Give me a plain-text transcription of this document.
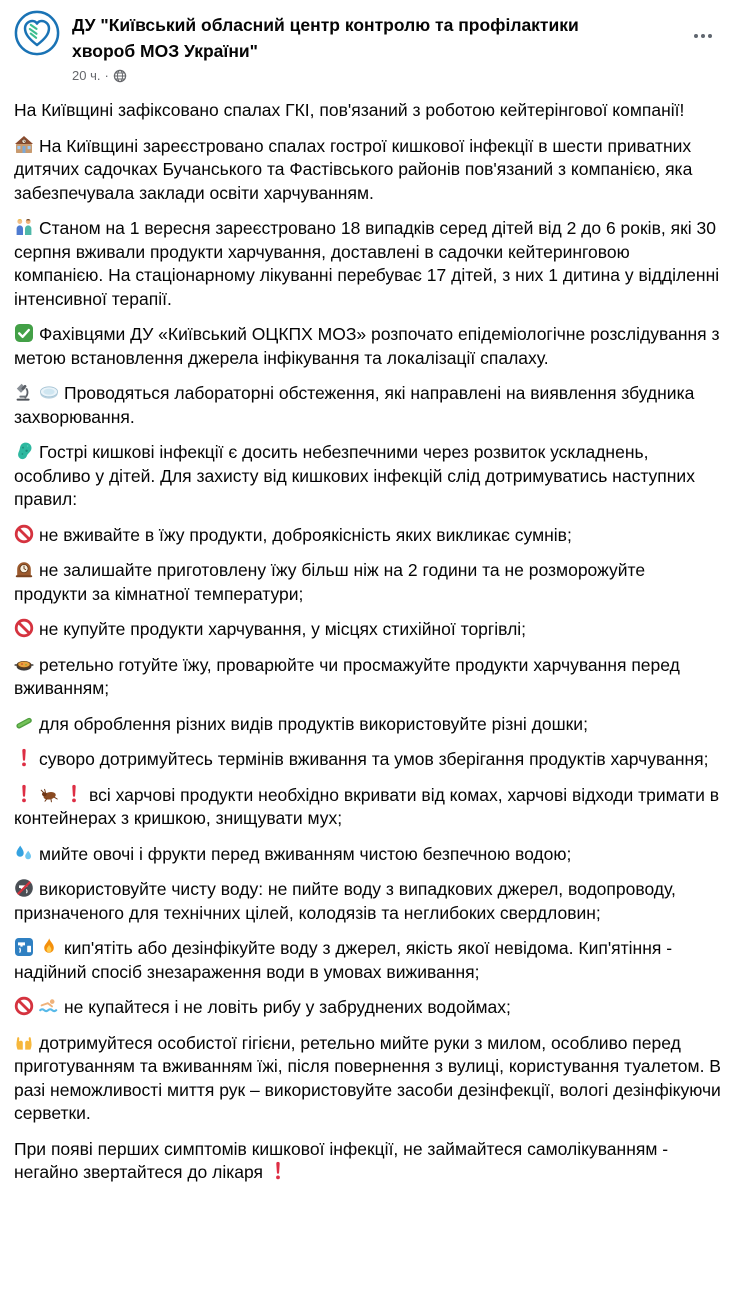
ДУ "Київський обласний центр контролю та профілактики хвороб МОЗ України"
20 ч. ·

На Київщині зафіксовано спалах ГКІ, пов'язаний з роботою кейтерінгової компанії!

На Київщині зареєстровано спалах гострої кишкової інфекції в шести приватних дитячих садочках Бучанського та Фастівського районів пов'язаний з компанією, яка забезпечувала заклади освіти харчуванням.

Станом на 1 вересня зареєстровано 18 випадків серед дітей від 2 до 6 років, які 30 серпня вживали продукти харчування, доставлені в садочки кейтеринговою компанією. На стаціонарному лікуванні перебуває 17 дітей, з них 1 дитина у відділенні інтенсивної терапії.

Фахівцями ДУ «Київський ОЦКПХ МОЗ» розпочато епідеміологічне розслідування з метою встановлення джерела інфікування та локалізації спалаху.

Проводяться лабораторні обстеження, які направлені на виявлення збудника захворювання.

Гострі кишкові інфекції є досить небезпечними через розвиток ускладнень, особливо у дітей. Для захисту від кишкових інфекцій слід дотримуватись наступних правил:

не вживайте в їжу продукти, доброякісність яких викликає сумнів;

не залишайте приготовлену їжу більш ніж на 2 години та не розморожуйте продукти за кімнатної температури;

не купуйте продукти харчування, у місцях стихійної торгівлі;

ретельно готуйте їжу, проварюйте чи просмажуйте продукти харчування перед вживанням;

для оброблення різних видів продуктів використовуйте різні дошки;

суворо дотримуйтесь термінів вживання та умов зберігання продуктів харчування;

всі харчові продукти необхідно вкривати від комах, харчові відходи тримати в контейнерах з кришкою, знищувати мух;

мийте овочі і фрукти перед вживанням чистою безпечною водою;

використовуйте чисту воду: не пийте воду з випадкових джерел, водопроводу, призначеного для технічних цілей, колодязів та неглибоких свердловин;

кип'ятіть або дезінфікуйте воду з джерел, якість якої невідома. Кип'ятіння - надійний спосіб знезараження води в умовах виживання;

не купайтеся і не ловіть рибу у забруднених водоймах;

дотримуйтеся особистої гігієни, ретельно мийте руки з милом, особливо перед приготуванням та вживанням їжі, після повернення з вулиці, користування туалетом. В разі неможливості миття рук – використовуйте засоби дезінфекції, вологі дезінфікуючи серветки.

При появі перших симптомів кишкової інфекції, не займайтеся самолікуванням - негайно звертайтеся до лікаря
